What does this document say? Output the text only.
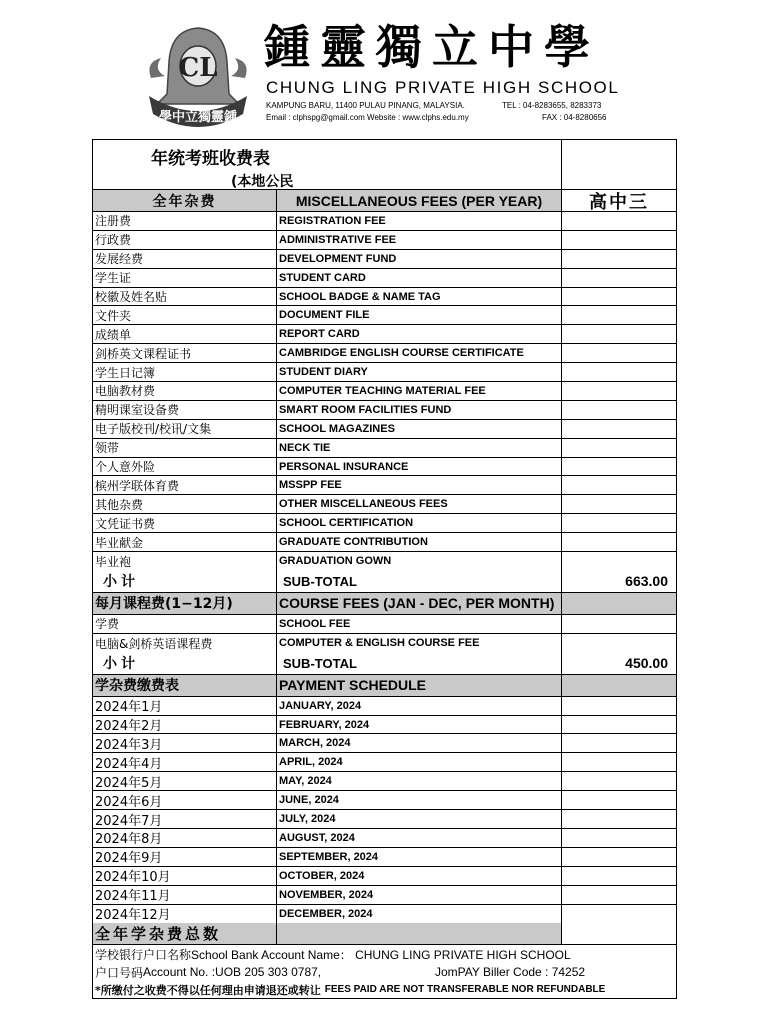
CL
學中立獨靈鍾
鍾靈獨立中學
CHUNG LING PRIVATE HIGH SCHOOL
KAMPUNG BARU, 11400 PULAU PINANG, MALAYSIA.	TEL : 04-8283655, 8283373
Email : clphspg@gmail.com Website : www.clphs.edu.my	FAX : 04-8280656
年统考班收费表
(本地公民
全年杂费	MISCELLANEOUS FEES (PER YEAR)	高中三
注册费	REGISTRATION FEE
行政费	ADMINISTRATIVE FEE
发展经费	DEVELOPMENT FUND
学生证	STUDENT CARD
校徽及姓名贴	SCHOOL BADGE & NAME TAG
文件夹	DOCUMENT FILE
成绩单	REPORT CARD
剑桥英文课程证书	CAMBRIDGE ENGLISH COURSE CERTIFICATE
学生日记簿	STUDENT DIARY
电脑教材费	COMPUTER TEACHING MATERIAL FEE
精明课室设备费	SMART ROOM FACILITIES FUND
电子版校刊/校讯/文集	SCHOOL MAGAZINES
领带	NECK TIE
个人意外险	PERSONAL INSURANCE
槟州学联体育费	MSSPP FEE
其他杂费	OTHER MISCELLANEOUS FEES
文凭证书费	SCHOOL CERTIFICATION
毕业献金	GRADUATE CONTRIBUTION
毕业袍	GRADUATION GOWN
小计	SUB-TOTAL	663.00
每月课程费(1−12月)	COURSE FEES (JAN - DEC, PER MONTH)
学费	SCHOOL FEE
电脑&剑桥英语课程费	COMPUTER & ENGLISH COURSE FEE
小计	SUB-TOTAL	450.00
学杂费缴费表	PAYMENT SCHEDULE
2024年1月	JANUARY, 2024
2024年2月	FEBRUARY, 2024
2024年3月	MARCH, 2024
2024年4月	APRIL, 2024
2024年5月	MAY, 2024
2024年6月	JUNE, 2024
2024年7月	JULY, 2024
2024年8月	AUGUST, 2024
2024年9月	SEPTEMBER, 2024
2024年10月	OCTOBER, 2024
2024年11月	NOVEMBER, 2024
2024年12月	DECEMBER, 2024
全年学杂费总数
学校银行户口名称 School Bank Account Name： CHUNG LING PRIVATE HIGH SCHOOL
户口号码 Account No. :UOB 205 303 0787,	JomPAY Biller Code : 74252
*所缴付之收费不得以任何理由申请退还或转让 FEES PAID ARE NOT TRANSFERABLE NOR REFUNDABLE
